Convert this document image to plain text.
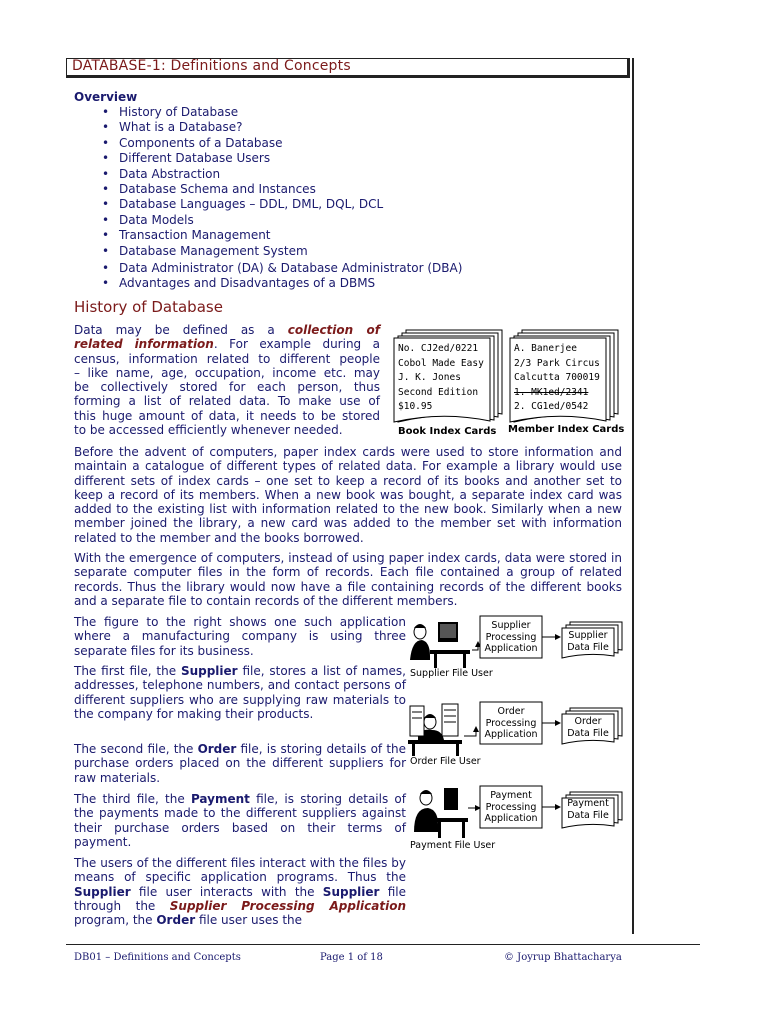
DATABASE-1: Definitions and Concepts
Overview
• History of Database
• What is a Database?
• Components of a Database
• Different Database Users
• Data Abstraction
• Database Schema and Instances
• Database Languages – DDL, DML, DQL, DCL
• Data Models
• Transaction Management
• Database Management System
• Data Administrator (DA) & Database Administrator (DBA)
• Advantages and Disadvantages of a DBMS
History of Database
Data may be defined as a collection of
related information. For example during a
census, information related to different people
– like name, age, occupation, income etc. may
be collectively stored for each person, thus
forming a list of related data. To make use of
this huge amount of data, it needs to be stored
to be accessed efficiently whenever needed.
No. CJ2ed/0221
Cobol Made Easy
J. K. Jones
Second Edition
$10.95
A. Banerjee
2/3 Park Circus
Calcutta 700019
1. MK1ed/2341
2. CG1ed/0542
Book Index Cards Member Index Cards
Before the advent of computers, paper index cards were used to store information and maintain a catalogue of different types of related data. For example a library would use different sets of index cards – one set to keep a record of its books and another set to keep a record of its members. When a new book was bought, a separate index card was added to the existing list with information related to the new book. Similarly when a new member joined the library, a new card was added to the member set with information related to the member and the books borrowed.
With the emergence of computers, instead of using paper index cards, data were stored in separate computer files in the form of records. Each file contained a group of related records. Thus the library would now have a file containing records of the different books and a separate file to contain records of the different members.
The figure to the right shows one such application where a manufacturing company is using three separate files for its business.
The first file, the Supplier file, stores a list of names, addresses, telephone numbers, and contact persons of different suppliers who are supplying raw materials to the company for making their products.
The second file, the Order file, is storing details of the purchase orders placed on the different suppliers for raw materials.
The third file, the Payment file, is storing details of the payments made to the different suppliers against their purchase orders based on their terms of payment.
The users of the different files interact with the files by means of specific application programs. Thus the Supplier file user interacts with the Supplier file through the Supplier Processing Application program, the Order file user uses the
Supplier
Processing
Application
Supplier
Data File
Supplier File User
Order
Processing
Application
Order
Data File
Order File User
Payment
Processing
Application
Payment
Data File
Payment File User
DB01 – Definitions and Concepts	Page 1 of 18	© Joyrup Bhattacharya
